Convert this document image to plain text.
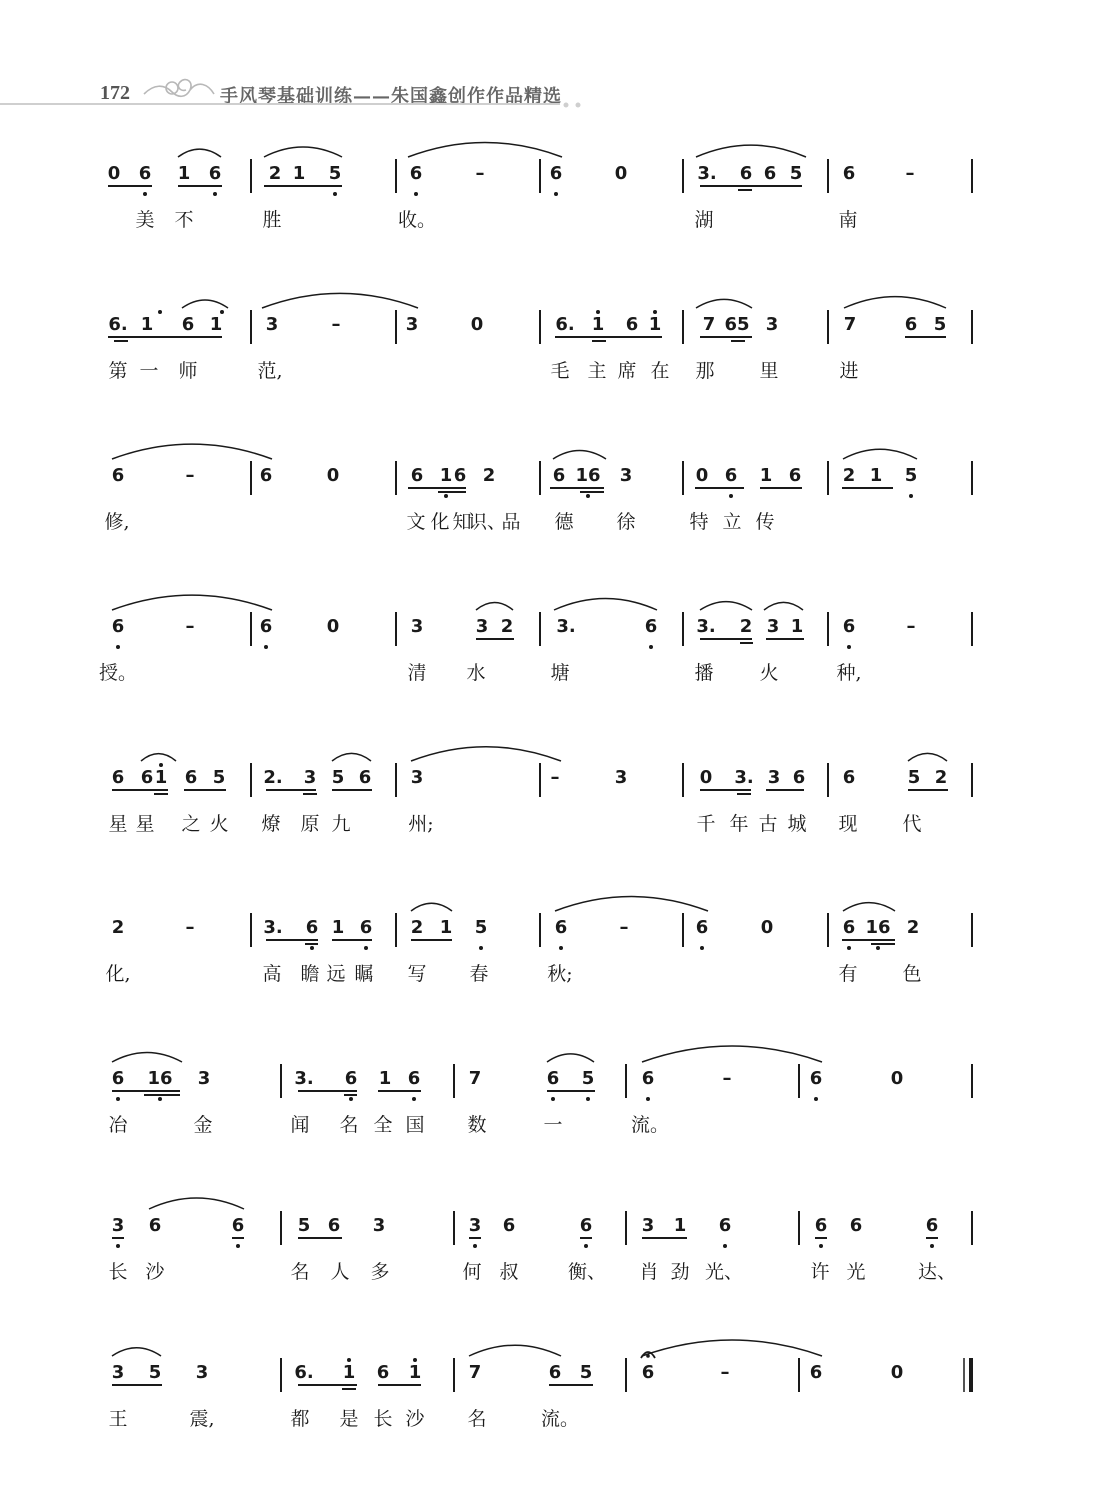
172	手风琴基础训练——朱国鑫创作作品精选
0 6 1 6	2 1 5	6	–	6	0	3. 6 6 5 6	–
美 不	胜	收。	湖	南
6. 1 6 1 3	–	3	0	6. 1 6 1 7 65 3	7	6 5
第 一 师	范,	毛 主 席 在 那 里	进
6	–	6	0	6 1 6 2	6 16 3	0 6 1 6 2 1 5
修,	文 化 知
识、
品 德 徐	特 立 传
6	–	6	0	3	3 2 3.	6 3. 2 3 1 6	–
授。	清 水	塘	播 火	种,
6 6 1 6 5 2. 3 5 6 3	–	3	0 3. 3 6 6	5 2
星 星 之 火 燎 原 九	州;	千 年 古 城 现 代
2	–	3. 6 1 6 2 1 5	6	–	6	0	6 16 2
化,	高 瞻 远 瞩 写 春	秋;	有 色
6 16 3	3. 6 1 6	7	6 5	6	–	6	0
冶	金	闻 名 全 国 数	一	流。
3 6	6	5 6 3	3 6	6	3 1 6	6 6	6
长 沙	名 人 多	何 叔	衡、 肖 劲 光、	许 光	达、
3 5 3	6. 1 6 1	7	6 5	6	–	6	0
王	震,	都 是 长 沙 名	流。
